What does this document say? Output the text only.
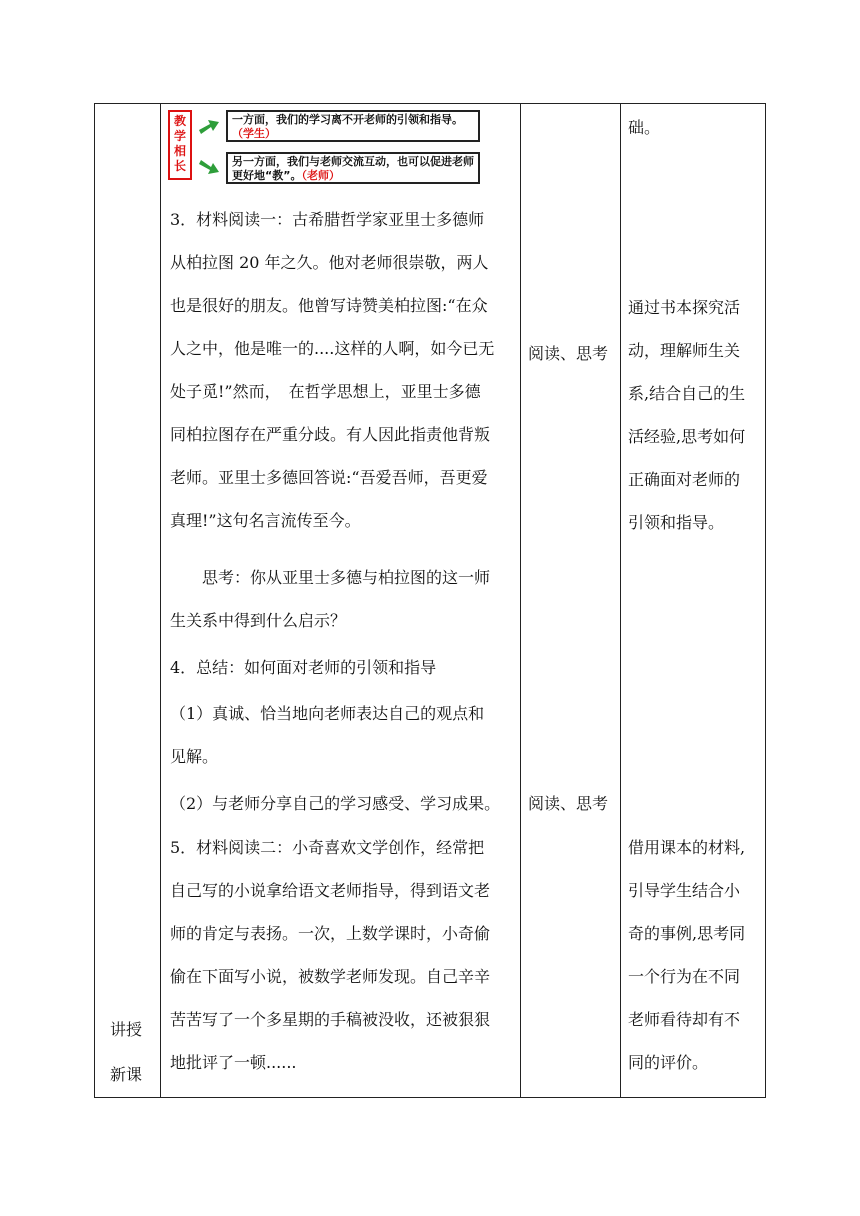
教
学
相
长
一方面，我们的学习离不开老师的引领和指导。（学生）
另一方面，我们与老师交流互动，也可以促进老师更好地“教”。（老师）
3．材料阅读一：古希腊哲学家亚里士多德师
从柏拉图 20 年之久。他对老师很崇敬，两人
也是很好的朋友。他曾写诗赞美柏拉图:“在众
人之中，他是唯一的....这样的人啊，如今已无
处子觅!”然而，　在哲学思想上，亚里士多德
同柏拉图存在严重分歧。有人因此指责他背叛
老师。亚里士多德回答说:“吾爱吾师，吾更爱
真理!”这句名言流传至今。
　　思考：你从亚里士多德与柏拉图的这一师
生关系中得到什么启示？
4．总结：如何面对老师的引领和指导
（1）真诚、恰当地向老师表达自己的观点和
见解。
（2）与老师分享自己的学习感受、学习成果。
5．材料阅读二：小奇喜欢文学创作，经常把
自己写的小说拿给语文老师指导，得到语文老
师的肯定与表扬。一次，上数学课时，小奇偷
偷在下面写小说，被数学老师发现。自己辛辛
苦苦写了一个多星期的手稿被没收，还被狠狠
地批评了一顿......
讲授
新课
阅读、思考
阅读、思考
础。
通过书本探究活
动，理解师生关
系,结合自己的生
活经验,思考如何
正确面对老师的
引领和指导。
借用课本的材料,
引导学生结合小
奇的事例,思考同
一个行为在不同
老师看待却有不
同的评价。
